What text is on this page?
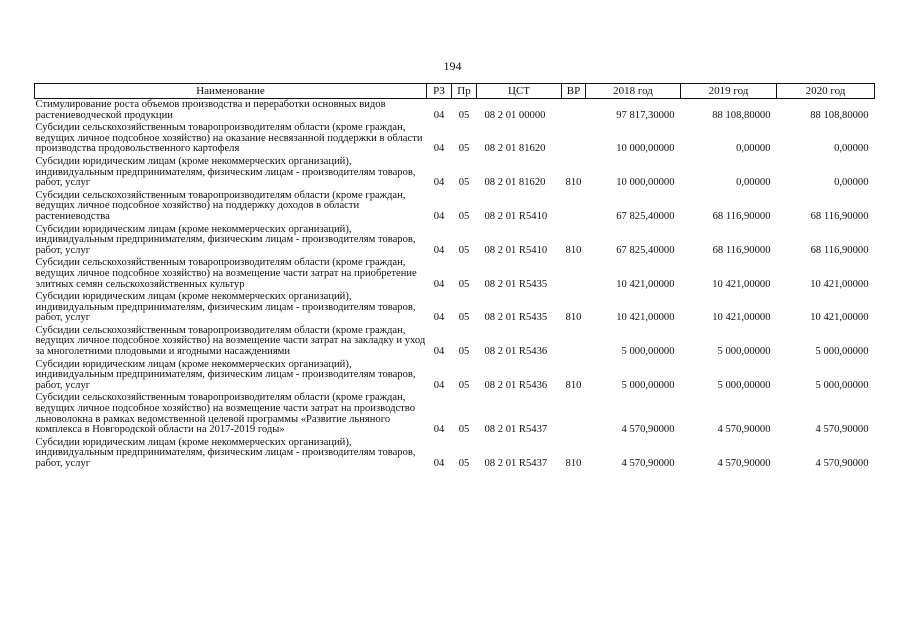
194
Наименование	РЗ	Пр	ЦСТ	ВР	2018 год	2019 год	2020 год
Стимулирование роста объемов производства и переработки основных видов растениеводческой продукции	04	05	08 2 01 00000		97 817,30000	88 108,80000	88 108,80000
Субсидии сельскохозяйственным товаропроизводителям области (кроме граждан, ведущих личное подсобное хозяйство) на оказание несвязанной поддержки в области производства продовольственного картофеля	04	05	08 2 01 81620		10 000,00000	0,00000	0,00000
Субсидии юридическим лицам (кроме некоммерческих организаций), индивидуальным предпринимателям, физическим лицам - производителям товаров, работ, услуг	04	05	08 2 01 81620	810	10 000,00000	0,00000	0,00000
Субсидии сельскохозяйственным товаропроизводителям области (кроме граждан, ведущих личное подсобное хозяйство) на поддержку доходов в области растениеводства	04	05	08 2 01 R5410		67 825,40000	68 116,90000	68 116,90000
Субсидии юридическим лицам (кроме некоммерческих организаций), индивидуальным предпринимателям, физическим лицам - производителям товаров, работ, услуг	04	05	08 2 01 R5410	810	67 825,40000	68 116,90000	68 116,90000
Субсидии сельскохозяйственным товаропроизводителям области (кроме граждан, ведущих личное подсобное хозяйство) на возмещение части затрат на приобретение элитных семян сельскохозяйственных культур	04	05	08 2 01 R5435		10 421,00000	10 421,00000	10 421,00000
Субсидии юридическим лицам (кроме некоммерческих организаций), индивидуальным предпринимателям, физическим лицам - производителям товаров, работ, услуг	04	05	08 2 01 R5435	810	10 421,00000	10 421,00000	10 421,00000
Субсидии сельскохозяйственным товаропроизводителям области (кроме граждан, ведущих личное подсобное хозяйство) на возмещение части затрат на закладку и уход за многолетними плодовыми и ягодными насаждениями	04	05	08 2 01 R5436		5 000,00000	5 000,00000	5 000,00000
Субсидии юридическим лицам (кроме некоммерческих организаций), индивидуальным предпринимателям, физическим лицам - производителям товаров, работ, услуг	04	05	08 2 01 R5436	810	5 000,00000	5 000,00000	5 000,00000
Субсидии сельскохозяйственным товаропроизводителям области (кроме граждан, ведущих личное подсобное хозяйство) на возмещение части затрат на производство льноволокна в рамках ведомственной целевой программы «Развитие льняного комплекса в Новгородской области на 2017-2019 годы»	04	05	08 2 01 R5437		4 570,90000	4 570,90000	4 570,90000
Субсидии юридическим лицам (кроме некоммерческих организаций), индивидуальным предпринимателям, физическим лицам - производителям товаров, работ, услуг	04	05	08 2 01 R5437	810	4 570,90000	4 570,90000	4 570,90000
